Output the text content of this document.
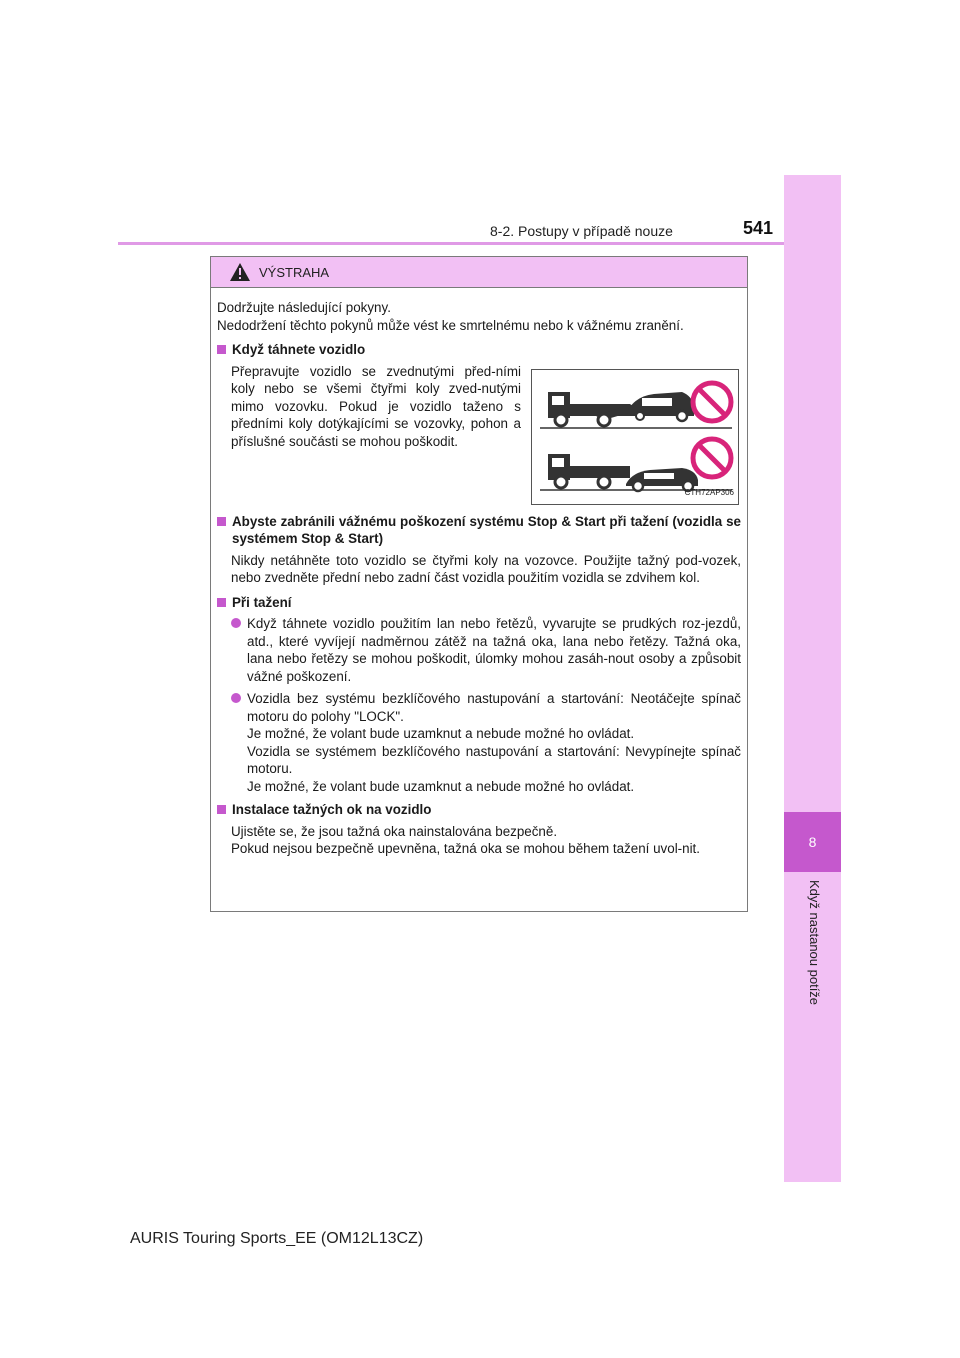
8-2. Postupy v případě nouze	541
8
Když nastanou potíže
VÝSTRAHA
Dodržujte následující pokyny.
Nedodržení těchto pokynů může vést ke smrtelnému nebo k vážnému zranění.
Když táhnete vozidlo
Přepravujte vozidlo se zvednutými před-ními koly nebo se všemi čtyřmi koly zved-nutými mimo vozovku. Pokud je vozidlo taženo s předními koly dotýkajícími se vozovky, pohon a příslušné součásti se mohou poškodit.
CTH72AP306
Abyste zabránili vážnému poškození systému Stop & Start při tažení (vozidla se systémem Stop & Start)
Nikdy netáhněte toto vozidlo se čtyřmi koly na vozovce. Použijte tažný pod-vozek, nebo zvedněte přední nebo zadní část vozidla použitím vozidla se zdvihem kol.
Při tažení
Když táhnete vozidlo použitím lan nebo řetězů, vyvarujte se prudkých roz-jezdů, atd., které vyvíjejí nadměrnou zátěž na tažná oka, lana nebo řetězy. Tažná oka, lana nebo řetězy se mohou poškodit, úlomky mohou zasáh-nout osoby a způsobit vážné poškození.
Vozidla bez systému bezklíčového nastupování a startování: Neotáčejte spínač motoru do polohy "LOCK".
Je možné, že volant bude uzamknut a nebude možné ho ovládat.
Vozidla se systémem bezklíčového nastupování a startování: Nevypínejte spínač motoru.
Je možné, že volant bude uzamknut a nebude možné ho ovládat.
Instalace tažných ok na vozidlo
Ujistěte se, že jsou tažná oka nainstalována bezpečně.
Pokud nejsou bezpečně upevněna, tažná oka se mohou během tažení uvol-nit.
AURIS Touring Sports_EE (OM12L13CZ)
